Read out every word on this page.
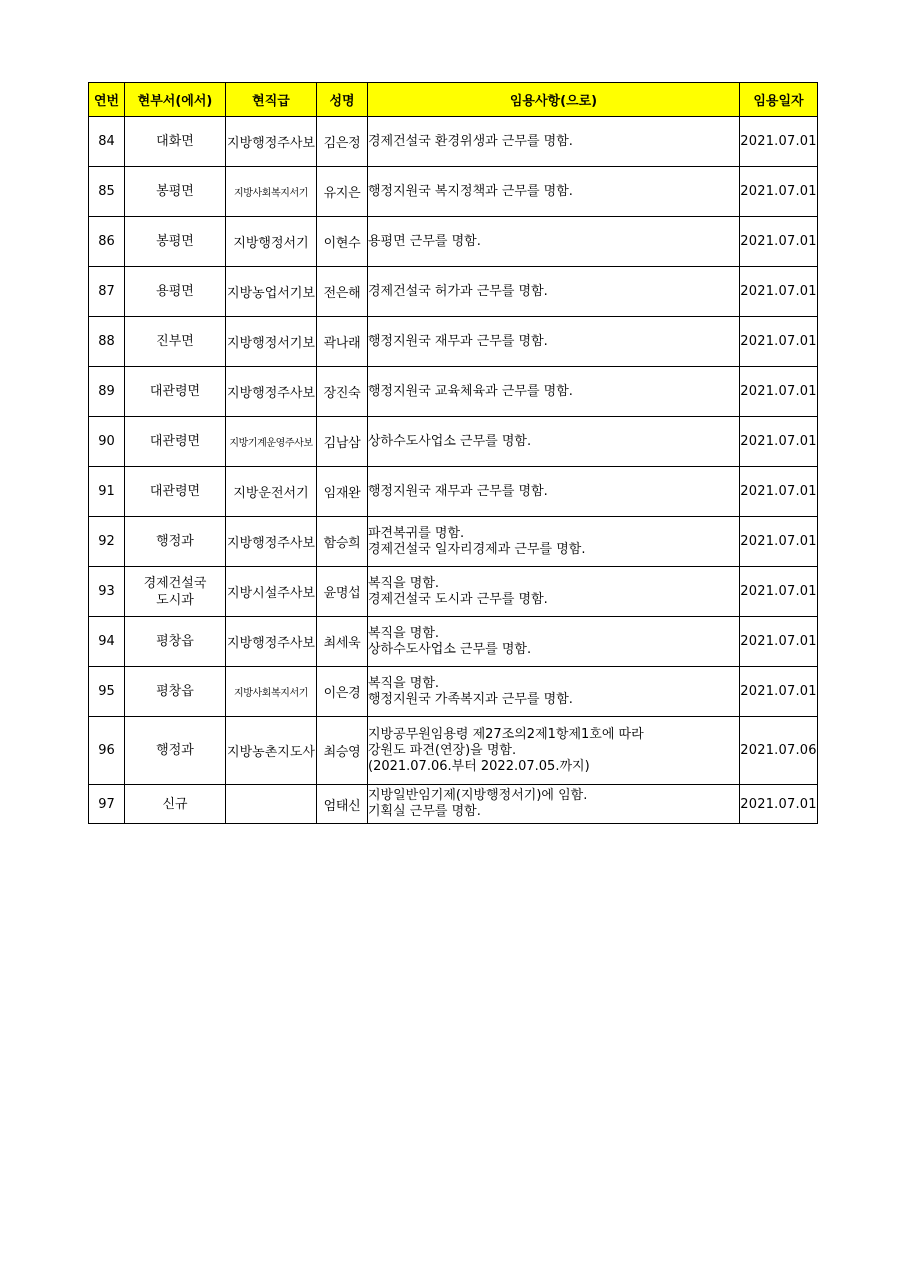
연번	현부서(에서)	현직급	성명	임용사항(으로)	임용일자
84	대화면	지방행정주사보	김은정	경제건설국 환경위생과 근무를 명함.	2021.07.01
85	봉평면	지방사회복지서기	유지은	행정지원국 복지정책과 근무를 명함.	2021.07.01
86	봉평면	지방행정서기	이현수	용평면 근무를 명함.	2021.07.01
87	용평면	지방농업서기보	전은해	경제건설국 허가과 근무를 명함.	2021.07.01
88	진부면	지방행정서기보	곽나래	행정지원국 재무과 근무를 명함.	2021.07.01
89	대관령면	지방행정주사보	장진숙	행정지원국 교육체육과 근무를 명함.	2021.07.01
90	대관령면	지방기계운영주사보	김남삼	상하수도사업소 근무를 명함.	2021.07.01
91	대관령면	지방운전서기	임재완	행정지원국 재무과 근무를 명함.	2021.07.01
92	행정과	지방행정주사보	함승희	파견복귀를 명함.
경제건설국 일자리경제과 근무를 명함.	2021.07.01
93	경제건설국
도시과	지방시설주사보	윤명섭	복직을 명함.
경제건설국 도시과 근무를 명함.	2021.07.01
94	평창읍	지방행정주사보	최세욱	복직을 명함.
상하수도사업소 근무를 명함.	2021.07.01
95	평창읍	지방사회복지서기	이은경	복직을 명함.
행정지원국 가족복지과 근무를 명함.	2021.07.01
96	행정과	지방농촌지도사	최승영	지방공무원임용령 제27조의2제1항제1호에 따라
강원도 파견(연장)을 명함.
(2021.07.06.부터 2022.07.05.까지)	2021.07.06
97	신규		엄태신	지방일반임기제(지방행정서기)에 임함.
기획실 근무를 명함.	2021.07.01
